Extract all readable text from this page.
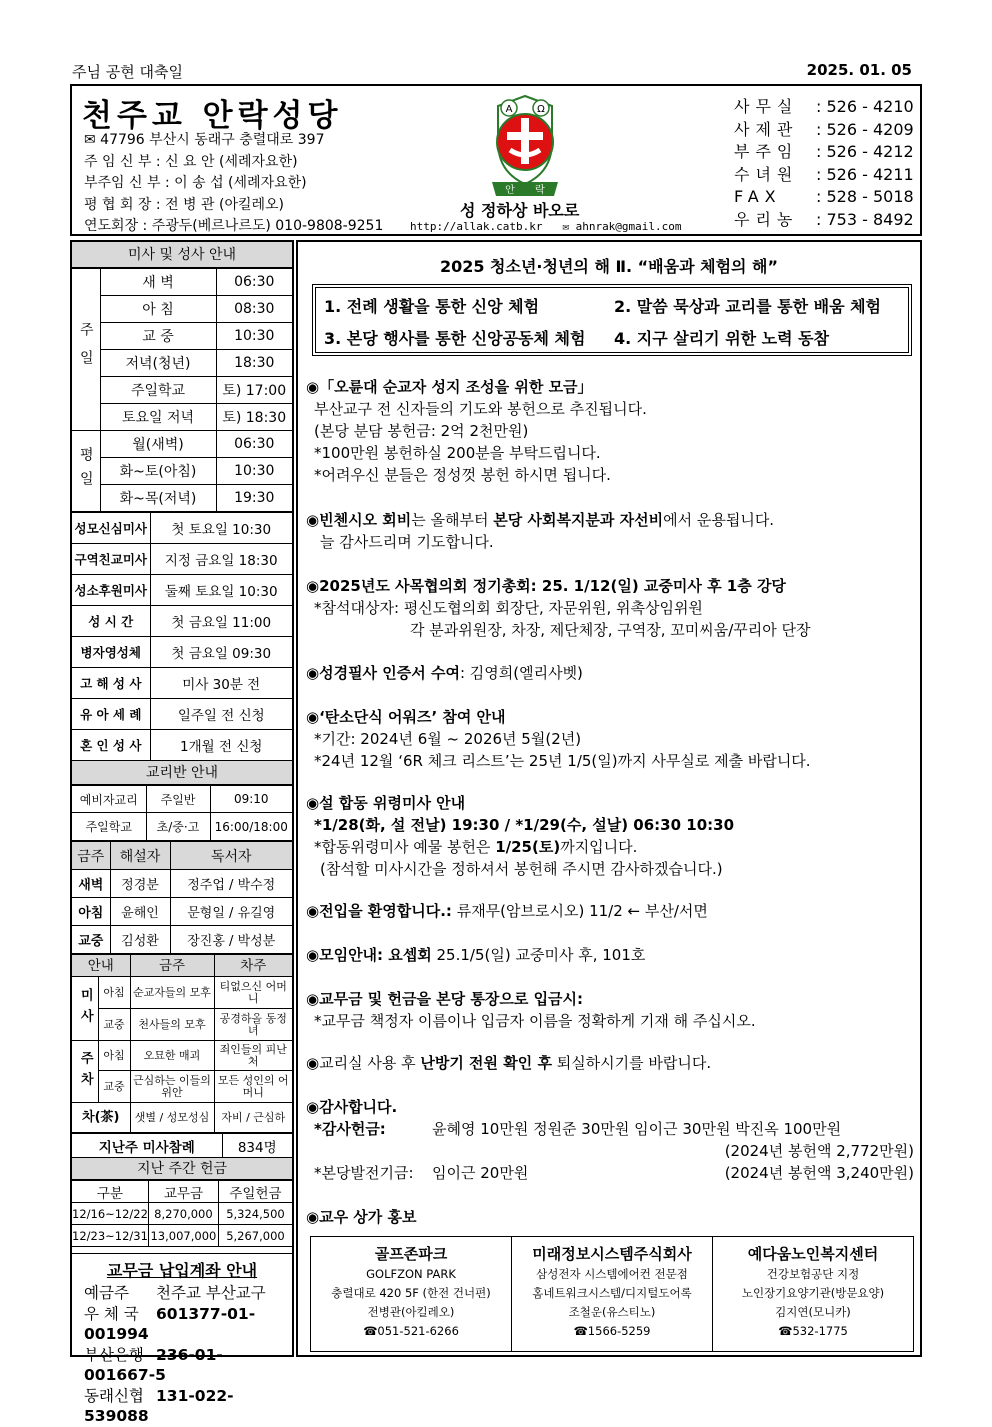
주님 공현 대축일	2025. 01. 05
천주교 안락성당
✉ 47796 부산시 동래구 충렬대로 397
주 임 신 부 : 신 요 안 (세례자요한)
부주임 신 부 : 이 송 섭 (세례자요한)
평 협 회 장 : 전 병 관 (아킬레오)
연도회장 : 주광두(베르나르도) 010-9808-9251
A Ω
안 락
성 정하상 바오로
http://allak.catb.kr ✉ ahnrak@gmail.com
사무실	: 526 - 4210
사제관	: 526 - 4209
부주임	: 526 - 4212
수녀원	: 526 - 4211
FAX	: 528 - 5018
우리농	: 753 - 8492
미사 및 성사 안내
주일	새 벽	06:30
	아 침	08:30
	교 중	10:30
	저녁(청년)	18:30
	주일학교	토) 17:00
	토요일 저녁	토) 18:30
평일	월(새벽)	06:30
	화~토(아침)	10:30
	화~목(저녁)	19:30
성모신심미사	첫 토요일 10:30
구역친교미사	지정 금요일 18:30
성소후원미사	둘째 토요일 10:30
성 시 간	첫 금요일 11:00
병자영성체	첫 금요일 09:30
고 해 성 사	미사 30분 전
유 아 세 례	일주일 전 신청
혼 인 성 사	1개월 전 신청
교리반 안내
예비자교리	주일반	09:10
주일학교	초/중·고	16:00/18:00
금주	해설자	독서자
새벽	정경분	정주업 / 박수정
아침	윤해인	문형일 / 유길영
교중	김성환	장진홍 / 박성분
안내		금주	차주
미사	아침	순교자들의 모후	티없으신 어머니
	교중	천사들의 모후	공경하올 동정녀
주차	아침	오묘한 매괴	죄인들의 피난처
	교중	근심하는 이들의 위안	모든 성인의 어머니
차(茶)		샛별 / 성모성심	자비 / 근심하
지난주 미사참례	834명
지난 주간 헌금
구분	교무금	주일헌금
12/16~12/22	8,270,000	5,324,500
12/23~12/31	13,007,000	5,267,000
교무금 납입계좌 안내
예금주 천주교 부산교구
우 체 국 601377-01-001994
부산은행 236-01-001667-5
동래신협 131-022-539088
2025 청소년·청년의 해 Ⅱ. “배움과 체험의 해”
1. 전례 생활을 통한 신앙 체험	2. 말씀 묵상과 교리를 통한 배움 체험
3. 본당 행사를 통한 신앙공동체 체험 4. 지구 살리기 위한 노력 동참
◉「오륜대 순교자 성지 조성을 위한 모금」
부산교구 전 신자들의 기도와 봉헌으로 추진됩니다.
(본당 분담 봉헌금: 2억 2천만원)
*100만원 봉헌하실 200분을 부탁드립니다.
*어려우신 분들은 정성껏 봉헌 하시면 됩니다.
◉빈첸시오 회비는 올해부터 본당 사회복지분과 자선비에서 운용됩니다.
늘 감사드리며 기도합니다.
◉2025년도 사목협의회 정기총회: 25. 1/12(일) 교중미사 후 1층 강당
*참석대상자: 평신도협의회 회장단, 자문위원, 위촉상임위원
각 분과위원장, 차장, 제단체장, 구역장, 꼬미씨움/꾸리아 단장
◉성경필사 인증서 수여: 김영희(엘리사벳)
◉‘탄소단식 어워즈’ 참여 안내
*기간: 2024년 6월 ~ 2026년 5월(2년)
*24년 12월 ‘6R 체크 리스트’는 25년 1/5(일)까지 사무실로 제출 바랍니다.
◉설 합동 위령미사 안내
*1/28(화, 설 전날) 19:30 / *1/29(수, 설날) 06:30 10:30
*합동위령미사 예물 봉헌은 1/25(토)까지입니다.
(참석할 미사시간을 정하셔서 봉헌해 주시면 감사하겠습니다.)
◉전입을 환영합니다.: 류재무(암브로시오) 11/2 ← 부산/서면
◉모임안내: 요셉회 25.1/5(일) 교중미사 후, 101호
◉교무금 및 헌금을 본당 통장으로 입금시:
*교무금 책정자 이름이나 입금자 이름을 정확하게 기재 해 주십시오.
◉교리실 사용 후 난방기 전원 확인 후 퇴실하시기를 바랍니다.
◉감사합니다.
*감사헌금:	윤혜영 10만원 정원준 30만원 임이근 30만원 박진옥 100만원
(2024년 봉헌액 2,772만원)
*본당발전기금: 임이근 20만원	(2024년 봉헌액 3,240만원)
◉교우 상가 홍보
골프존파크
GOLFZON PARK
충렬대로 420 5F (한전 건너편)
전병관(아킬레오)
☎051-521-6266
미래정보시스템주식회사
삼성전자 시스템에어컨 전문점
홈네트워크시스템/디지털도어록
조철운(유스티노)
☎1566-5259
예다움노인복지센터
건강보험공단 지정
노인장기요양기관(방문요양)
김지연(모니카)
☎532-1775
